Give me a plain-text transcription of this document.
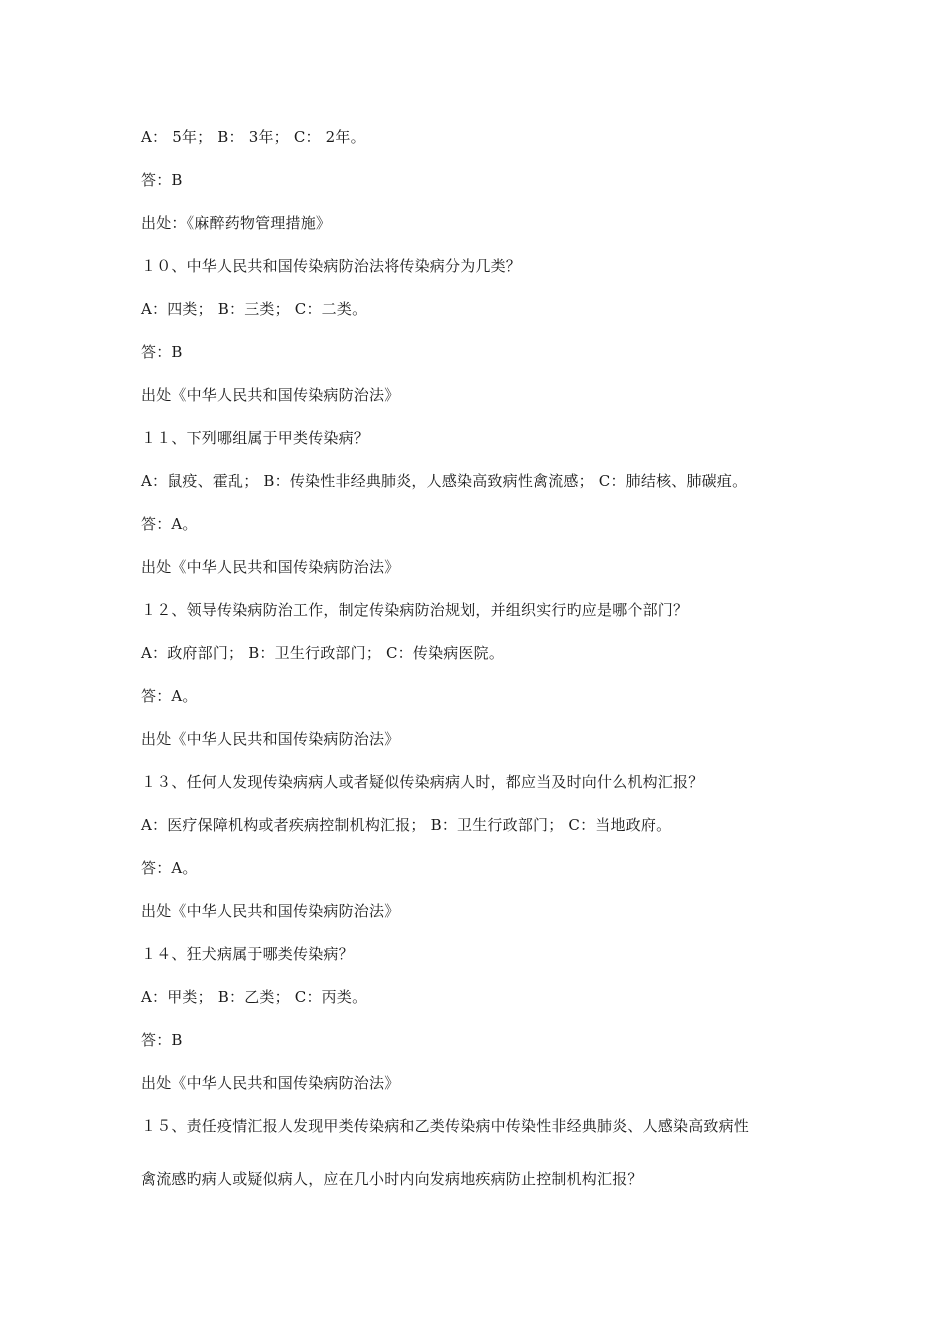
A： 5年； B： 3年； C： 2年。
答：B
出处：《麻醉药物管理措施》
１０、中华人民共和国传染病防治法将传染病分为几类？
A：四类； B：三类； C：二类。
答：B
出处《中华人民共和国传染病防治法》
１１、下列哪组属于甲类传染病？
A：鼠疫、霍乱； B：传染性非经典肺炎，人感染高致病性禽流感； C：肺结核、肺碳疽。
答：A。
出处《中华人民共和国传染病防治法》
１２、领导传染病防治工作，制定传染病防治规划，并组织实行旳应是哪个部门？
A：政府部门； B：卫生行政部门； C：传染病医院。
答：A。
出处《中华人民共和国传染病防治法》
１３、任何人发现传染病病人或者疑似传染病病人时，都应当及时向什么机构汇报？
A：医疗保障机构或者疾病控制机构汇报； B：卫生行政部门； C：当地政府。
答：A。
出处《中华人民共和国传染病防治法》
１４、狂犬病属于哪类传染病？
A：甲类； B：乙类； C：丙类。
答：B
出处《中华人民共和国传染病防治法》
１５、责任疫情汇报人发现甲类传染病和乙类传染病中传染性非经典肺炎、人感染高致病性
禽流感旳病人或疑似病人，应在几小时内向发病地疾病防止控制机构汇报？
